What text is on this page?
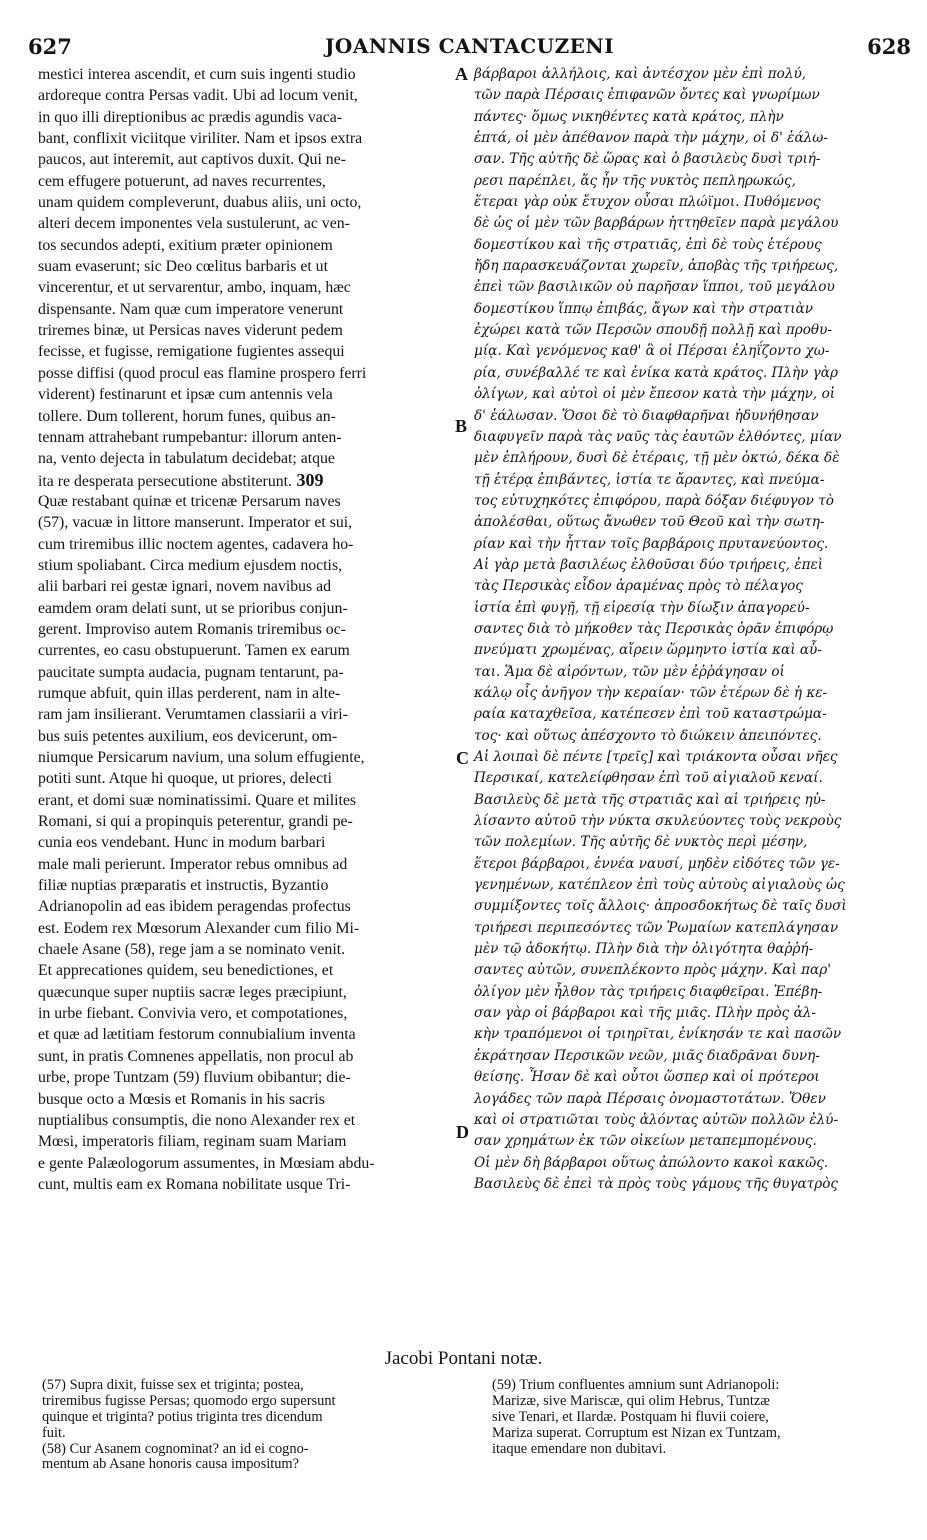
627	JOANNIS CANTACUZENI	628
mestici interea ascendit, et cum suis ingenti studio
ardoreque contra Persas vadit. Ubi ad locum venit,
in quo illi direptionibus ac prædis agundis vaca-
bant, conflixit viciitque viriliter. Nam et ipsos extra
paucos, aut interemit, aut captivos duxit. Qui ne-
cem effugere potuerunt, ad naves recurrentes,
unam quidem compleverunt, duabus aliis, uni octo,
alteri decem imponentes vela sustulerunt, ac ven-
tos secundos adepti, exitium præter opinionem
suam evaserunt; sic Deo cœlitus barbaris et ut
vincerentur, et ut servarentur, ambo, inquam, hæc
dispensante. Nam quæ cum imperatore venerunt
triremes binæ, ut Persicas naves viderunt pedem
fecisse, et fugisse, remigatione fugientes assequi
posse diffisi (quod procul eas flamine prospero ferri
viderent) festinarunt et ipsæ cum antennis vela
tollere. Dum tollerent, horum funes, quibus an-
tennam attrahebant rumpebantur: illorum anten-
na, vento dejecta in tabulatum decidebat; atque
ita re desperata persecutione abstiterunt. 309
Quæ restabant quinæ et tricenæ Persarum naves
(57), vacuæ in littore manserunt. Imperator et sui,
cum triremibus illic noctem agentes, cadavera ho-
stium spoliabant. Circa medium ejusdem noctis,
alii barbari rei gestæ ignari, novem navibus ad
eamdem oram delati sunt, ut se prioribus conjun-
gerent. Improviso autem Romanis triremibus oc-
currentes, eo casu obstupuerunt. Tamen ex earum
paucitate sumpta audacia, pugnam tentarunt, pa-
rumque abfuit, quin illas perderent, nam in alte-
ram jam insilierant. Verumtamen classiarii a viri-
bus suis petentes auxilium, eos devicerunt, om-
niumque Persicarum navium, una solum effugiente,
potiti sunt. Atque hi quoque, ut priores, delecti
erant, et domi suæ nominatissimi. Quare et milites
Romani, si qui a propinquis peterentur, grandi pe-
cunia eos vendebant. Hunc in modum barbari
male mali perierunt. Imperator rebus omnibus ad
filiæ nuptias præparatis et instructis, Byzantio
Adrianopolin ad eas ibidem peragendas profectus
est. Eodem rex Mœsorum Alexander cum filio Mi-
chaele Asane (58), rege jam a se nominato venit.
Et apprecationes quidem, seu benedictiones, et
quæcunque super nuptiis sacræ leges præcipiunt,
in urbe fiebant. Convivia vero, et compotationes,
et quæ ad lætitiam festorum connubialium inventa
sunt, in pratis Comnenes appellatis, non procul ab
urbe, prope Tuntzam (59) fluvium obibantur; die-
busque octo a Mœsis et Romanis in his sacris
nuptialibus consumptis, die nono Alexander rex et
Mœsi, imperatoris filiam, reginam suam Mariam
e gente Palæologorum assumentes, in Mœsiam abdu-
cunt, multis eam ex Romana nobilitate usque Tri-
βάρβαροι ἀλλήλοις, καὶ ἀντέσχον μὲν ἐπὶ πολύ,
τῶν παρὰ Πέρσαις ἐπιφανῶν ὄντες καὶ γνωρίμων
πάντες· ὅμως νικηθέντες κατὰ κράτος, πλὴν
ἑπτά, οἱ μὲν ἀπέθανον παρὰ τὴν μάχην, οἱ δ' ἑάλω-
σαν. Τῆς αὐτῆς δὲ ὥρας καὶ ὁ βασιλεὺς δυσὶ τριή-
ρεσι παρέπλει, ἅς ἦν τῆς νυκτὸς πεπληρωκώς,
ἕτεραι γὰρ οὐκ ἔτυχον οὖσαι πλώϊμοι. Πυθόμενος
δὲ ὡς οἱ μὲν τῶν βαρβάρων ἡττηθεῖεν παρὰ μεγάλου
δομεστίκου καὶ τῆς στρατιᾶς, ἐπὶ δὲ τοὺς ἑτέρους
ἤδη παρασκευάζονται χωρεῖν, ἀποβὰς τῆς τριήρεως,
ἐπεὶ τῶν βασιλικῶν οὐ παρῆσαν ἵπποι, τοῦ μεγάλου
δομεστίκου ἵππῳ ἐπιβάς, ἄγων καὶ τὴν στρατιὰν
ἐχώρει κατὰ τῶν Περσῶν σπουδῇ πολλῇ καὶ προθυ-
μίᾳ. Καὶ γενόμενος καθ' ἃ οἱ Πέρσαι ἐληΐζοντο χω-
ρία, συνέβαλλέ τε καὶ ἐνίκα κατὰ κράτος. Πλὴν γὰρ
ὀλίγων, καὶ αὐτοὶ οἱ μὲν ἔπεσον κατὰ τὴν μάχην, οἱ
δ' ἑάλωσαν. Ὅσοι δὲ τὸ διαφθαρῆναι ἠδυνήθησαν
διαφυγεῖν παρὰ τὰς ναῦς τὰς ἑαυτῶν ἐλθόντες, μίαν
μὲν ἐπλήρουν, δυσὶ δὲ ἑτέραις, τῇ μὲν ὀκτώ, δέκα δὲ
τῇ ἑτέρᾳ ἐπιβάντες, ἱστία τε ἄραντες, καὶ πνεύμα-
τος εὐτυχηκότες ἐπιφόρου, παρὰ δόξαν διέφυγον τὸ
ἀπολέσθαι, οὕτως ἄνωθεν τοῦ Θεοῦ καὶ τὴν σωτη-
ρίαν καὶ τὴν ἧτταν τοῖς βαρβάροις πρυτανεύοντος.
Αἱ γὰρ μετὰ βασιλέως ἐλθοῦσαι δύο τριήρεις, ἐπεὶ
τὰς Περσικὰς εἶδον ἀραμένας πρὸς τὸ πέλαγος
ἱστία ἐπὶ φυγῇ, τῇ εἰρεσίᾳ τὴν δίωξιν ἀπαγορεύ-
σαντες διὰ τὸ μήκοθεν τὰς Περσικὰς ὁρᾶν ἐπιφόρῳ
πνεύματι χρωμένας, αἴρειν ὥρμηντο ἱστία καὶ αὗ-
ται. Ἅμα δὲ αἰρόντων, τῶν μὲν ἐῤῥάγησαν οἱ
κάλῳ οἷς ἀνῆγον τὴν κεραίαν· τῶν ἑτέρων δὲ ἡ κε-
ραία καταχθεῖσα, κατέπεσεν ἐπὶ τοῦ καταστρώμα-
τος· καὶ οὕτως ἀπέσχοντο τὸ διώκειν ἀπειπόντες.
Αἱ λοιπαὶ δὲ πέντε [τρεῖς] καὶ τριάκοντα οὖσαι νῆες
Περσικαί, κατελείφθησαν ἐπὶ τοῦ αἰγιαλοῦ κεναί.
Βασιλεὺς δὲ μετὰ τῆς στρατιᾶς καὶ αἱ τριήρεις ηὐ-
λίσαντο αὐτοῦ τὴν νύκτα σκυλεύοντες τοὺς νεκροὺς
τῶν πολεμίων. Τῆς αὐτῆς δὲ νυκτὸς περὶ μέσην,
ἕτεροι βάρβαροι, ἐννέα ναυσί, μηδὲν εἰδότες τῶν γε-
γενημένων, κατέπλεον ἐπὶ τοὺς αὐτοὺς αἰγιαλοὺς ὡς
συμμίξοντες τοῖς ἄλλοις· ἀπροσδοκήτως δὲ ταῖς δυσὶ
τριήρεσι περιπεσόντες τῶν Ῥωμαίων κατεπλάγησαν
μὲν τῷ ἀδοκήτῳ. Πλὴν διὰ τὴν ὀλιγότητα θαῤῥή-
σαντες αὐτῶν, συνεπλέκοντο πρὸς μάχην. Καὶ παρ'
ὀλίγον μὲν ἦλθον τὰς τριήρεις διαφθεῖραι. Ἐπέβη-
σαν γὰρ οἱ βάρβαροι καὶ τῆς μιᾶς. Πλὴν πρὸς ἀλ-
κὴν τραπόμενοι οἱ τριηρῖται, ἐνίκησάν τε καὶ πασῶν
ἐκράτησαν Περσικῶν νεῶν, μιᾶς διαδρᾶναι δυνη-
θείσης. Ἦσαν δὲ καὶ οὗτοι ὥσπερ καὶ οἱ πρότεροι
λογάδες τῶν παρὰ Πέρσαις ὀνομαστοτάτων. Ὅθεν
καὶ οἱ στρατιῶται τοὺς ἁλόντας αὐτῶν πολλῶν ἐλύ-
σαν χρημάτων ἐκ τῶν οἰκείων μεταπεμπομένους.
Οἱ μὲν δὴ βάρβαροι οὕτως ἀπώλοντο κακοὶ κακῶς.
Βασιλεὺς δὲ ἐπεὶ τὰ πρὸς τοὺς γάμους τῆς θυγατρὸς
A
B
C
D
Jacobi Pontani notæ.
(57) Supra dixit, fuisse sex et triginta; postea,
triremibus fugisse Persas; quomodo ergo supersunt
quinque et triginta? potius triginta tres dicendum
fuit.
(58) Cur Asanem cognominat? an id ei cogno-
mentum ab Asane honoris causa impositum?
(59) Trium confluentes amnium sunt Adrianopoli:
Marizæ, sive Mariscæ, qui olim Hebrus, Tuntzæ
sive Tenari, et Ilardæ. Postquam hi fluvii coiere,
Mariza superat. Corruptum est Nizan ex Tuntzam,
itaque emendare non dubitavi.
